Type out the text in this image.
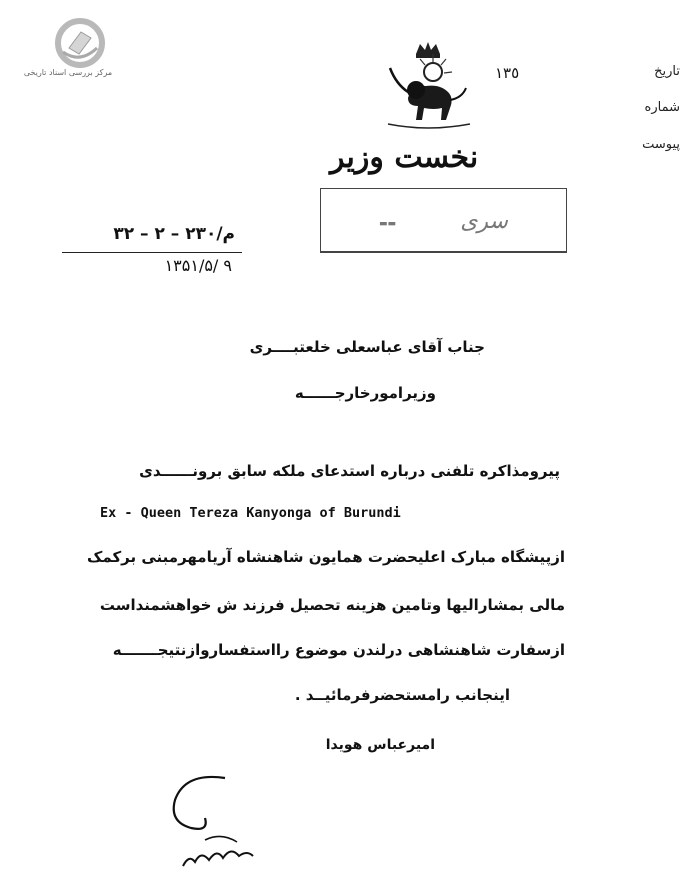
مرکز بررسی اسناد تاریخی	١٣٥	تاریخ
شماره
پیوست
نخست وزیر
سری
▬▬
م/٢٣٠ – ٢ – ٣٢
١٣۵١/۵/ ٩
جناب آقای عباسعلی خلعتبــــری
وزیرامورخارجــــــه
پیرومذاکره تلفنی درباره استدعای ملکه سابق برونــــــدی
Ex - Queen Tereza Kanyonga of Burundi
ازپیشگاه مبارک اعلیحضرت همایون شاهنشاه آریامهرمبنی برکمک
مالی بمشارالیها وتامین هزینه تحصیل فرزند ش خواهشمنداست
ازسفارت شاهنشاهی درلندن موضوع رااستفساروازنتیجـــــــه
اینجانب رامستحضرفرمائیــد .
امیرعباس هویدا
